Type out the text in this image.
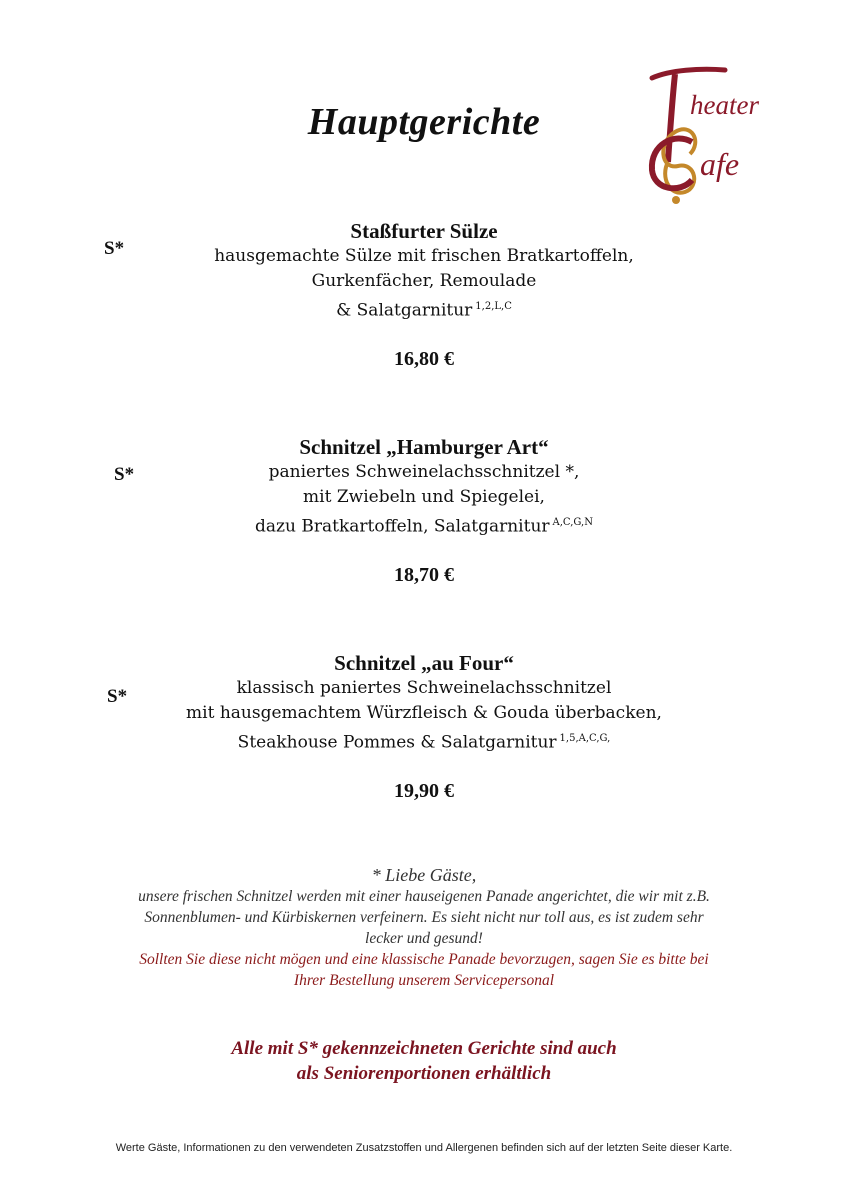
Hauptgerichte	heater
afe
S*
Staßfurter Sülze
hausgemachte Sülze mit frischen Bratkartoffeln,
Gurkenfächer, Remoulade
& Salatgarnitur $^{1,2,L,C}$
16,80 €
S*
Schnitzel „Hamburger Art“
paniertes Schweinelachsschnitzel *,
mit Zwiebeln und Spiegelei,
dazu Bratkartoffeln, Salatgarnitur $^{A,C,G,N}$
18,70 €
S*
Schnitzel „au Four“
klassisch paniertes Schweinelachsschnitzel
mit hausgemachtem Würzfleisch & Gouda überbacken,
Steakhouse Pommes & Salatgarnitur $^{1,5,A,C,G,}$
19,90 €
* Liebe Gäste,
unsere frischen Schnitzel werden mit einer hauseigenen Panade angerichtet, die wir mit z.B.
Sonnenblumen- und Kürbiskernen verfeinern. Es sieht nicht nur toll aus, es ist zudem sehr
lecker und gesund!
Sollten Sie diese nicht mögen und eine klassische Panade bevorzugen, sagen Sie es bitte bei
Ihrer Bestellung unserem Servicepersonal
Alle mit S* gekennzeichneten Gerichte sind auch
als Seniorenportionen erhältlich
Werte Gäste, Informationen zu den verwendeten Zusatzstoffen und Allergenen befinden sich auf der letzten Seite dieser Karte.
